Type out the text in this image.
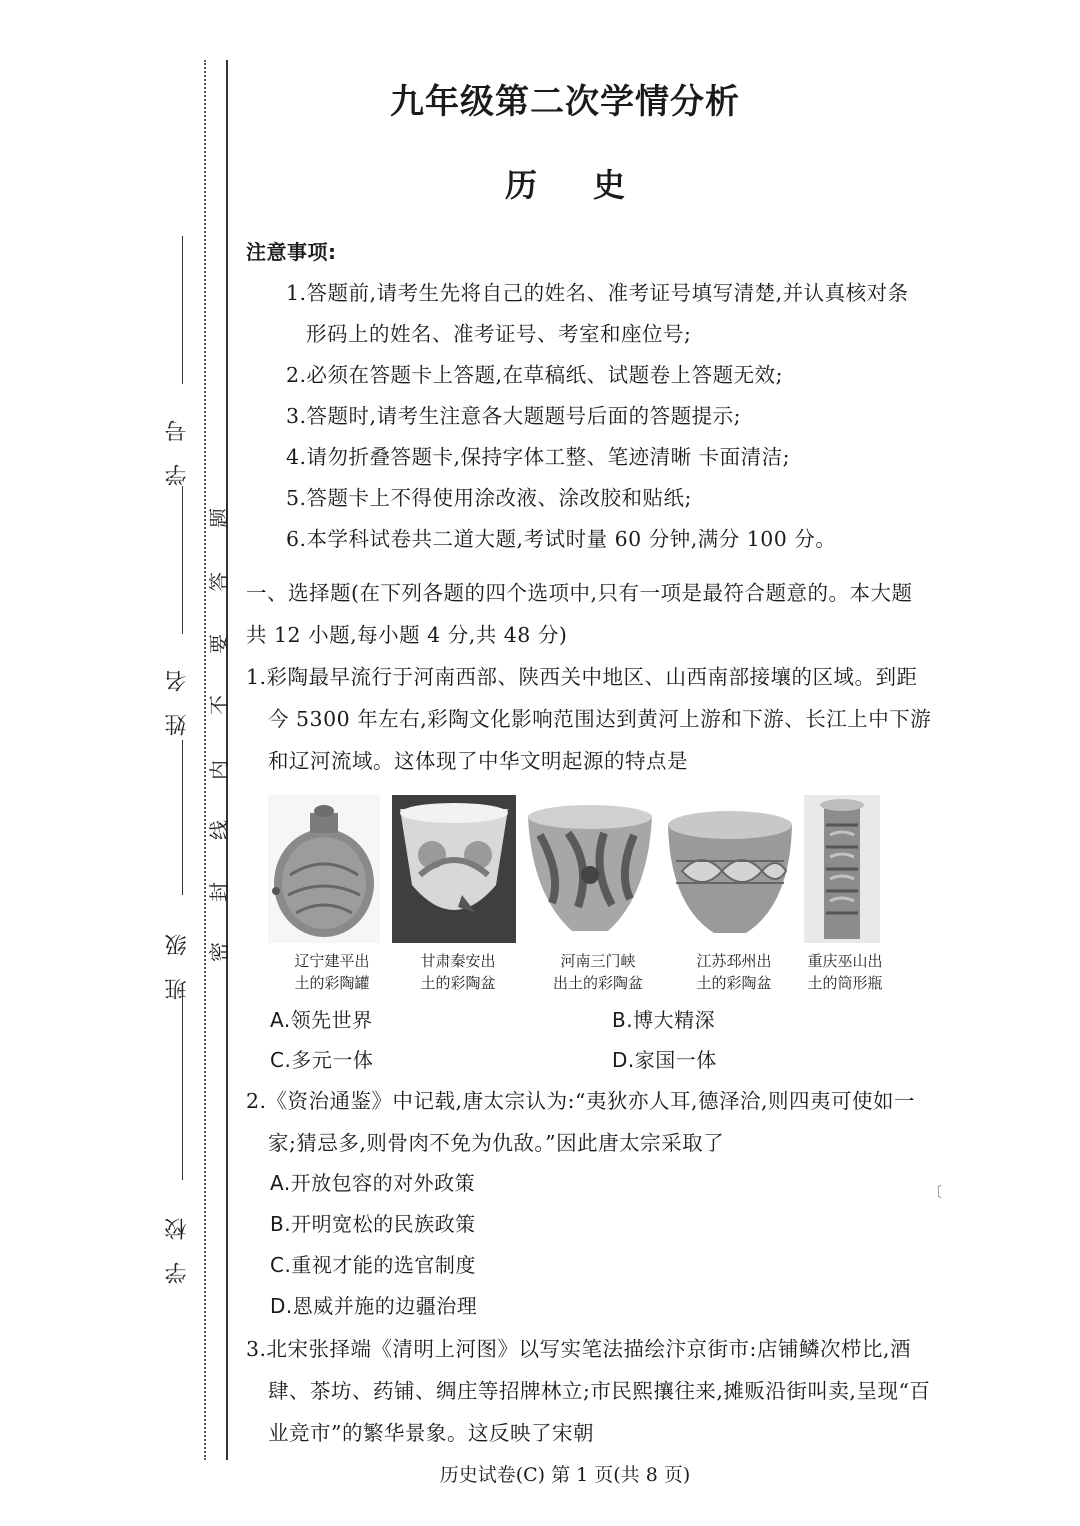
学号
姓名
班级
学校
密
封
线
内
不
要
答
题
九年级第二次学情分析
历 史
注意事项:
1.答题前,请考生先将自己的姓名、准考证号填写清楚,并认真核对条
形码上的姓名、准考证号、考室和座位号;
2.必须在答题卡上答题,在草稿纸、试题卷上答题无效;
3.答题时,请考生注意各大题题号后面的答题提示;
4.请勿折叠答题卡,保持字体工整、笔迹清晰 卡面清洁;
5.答题卡上不得使用涂改液、涂改胶和贴纸;
6.本学科试卷共二道大题,考试时量 60 分钟,满分 100 分。
一、选择题(在下列各题的四个选项中,只有一项是最符合题意的。本大题
共 12 小题,每小题 4 分,共 48 分)
1.彩陶最早流行于河南西部、陕西关中地区、山西南部接壤的区域。到距
今 5300 年左右,彩陶文化影响范围达到黄河上游和下游、长江上中下游
和辽河流域。这体现了中华文明起源的特点是
辽宁建平出
土的彩陶罐
甘肃秦安出
土的彩陶盆
河南三门峡
出土的彩陶盆
江苏邳州出
土的彩陶盆
重庆巫山出
土的筒形瓶
A.领先世界	B.博大精深
C.多元一体	D.家国一体
2.《资治通鉴》中记载,唐太宗认为:“夷狄亦人耳,德泽洽,则四夷可使如一
家;猜忌多,则骨肉不免为仇敌。”因此唐太宗采取了
A.开放包容的对外政策
B.开明宽松的民族政策
C.重视才能的选官制度
D.恩威并施的边疆治理
3.北宋张择端《清明上河图》以写实笔法描绘汴京街市:店铺鳞次栉比,酒
肆、茶坊、药铺、绸庄等招牌林立;市民熙攘往来,摊贩沿街叫卖,呈现“百
业竞市”的繁华景象。这反映了宋朝
〔
历史试卷(C) 第 1 页(共 8 页)
